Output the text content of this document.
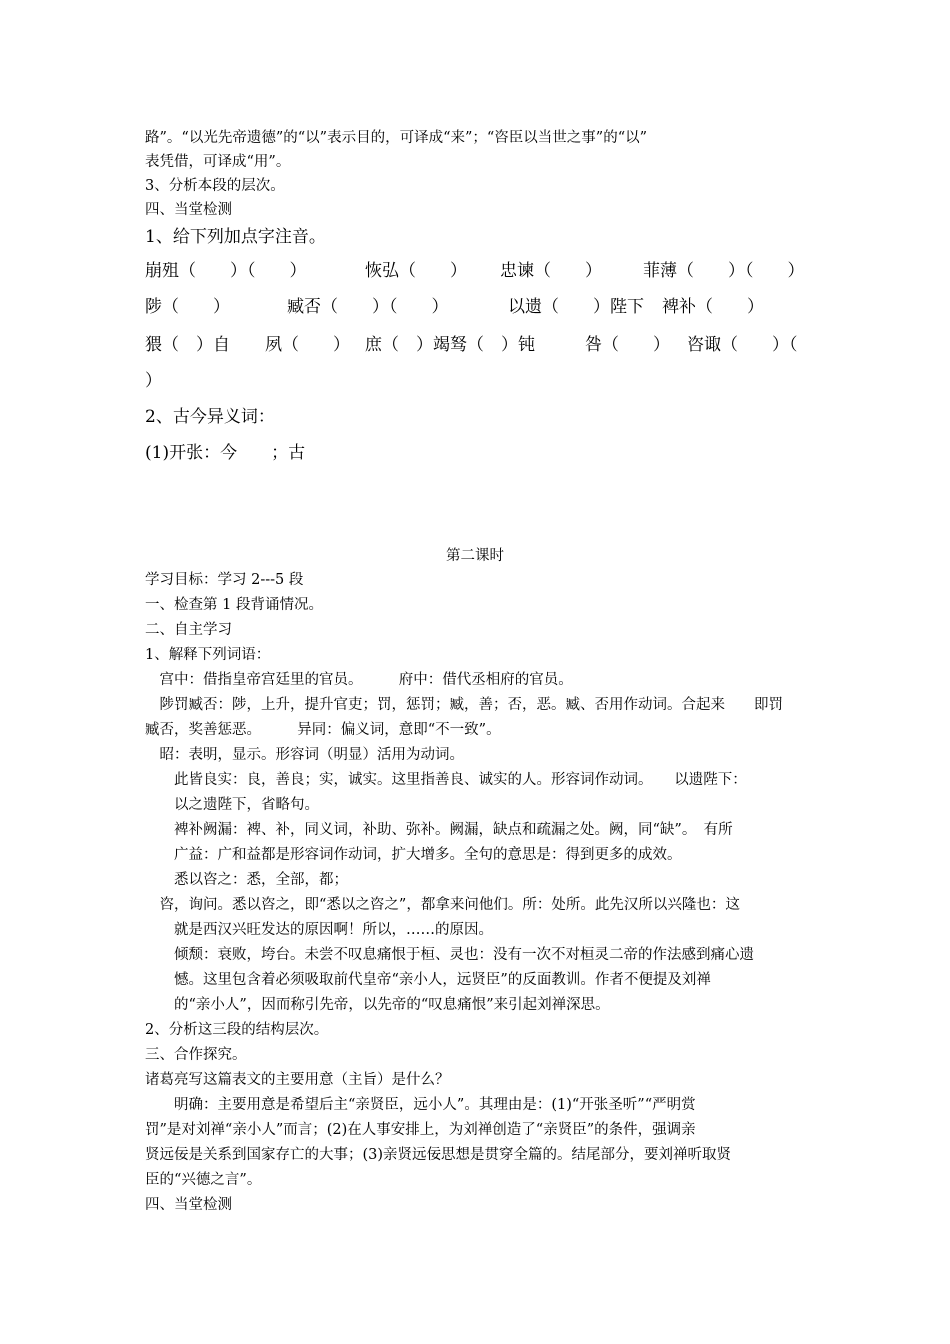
路”。“以光先帝遗德”的“以”表示目的，可译成“来”；“咨臣以当世之事”的“以”
表凭借，可译成“用”。
3、分析本段的层次。
四、当堂检测
1、给下列加点字注音。
崩殂（　　）（　　）	恢弘（　　） 忠谏（　　） 菲薄（　　）（　　）
陟（　　）	臧否（　　）（　　）	以遗（　　）陛下 裨补（　　）
猥（　）自 夙（　　） 庶（　）竭驽（　）钝	咎（　　） 咨诹（　　）（
）
2、古今异义词：
(1)开张：今　　；古
第二课时
学习目标：学习 2---5 段
一、检查第 1 段背诵情况。
二、自主学习
1、解释下列词语：
　宫中：借指皇帝宫廷里的官员。　　　府中：借代丞相府的官员。
　陟罚臧否：陟，上升，提升官吏；罚，惩罚；臧，善；否，恶。臧、否用作动词。合起来　　即罚
臧否，奖善惩恶。　　　异同：偏义词，意即“不一致”。
　昭：表明，显示。形容词（明显）活用为动词。
　　此皆良实：良，善良；实，诚实。这里指善良、诚实的人。形容词作动词。　　以遗陛下：
　　以之遗陛下，省略句。
　　裨补阙漏：裨、补，同义词，补助、弥补。阙漏，缺点和疏漏之处。阙，同“缺”。　有所
　　广益：广和益都是形容词作动词，扩大增多。全句的意思是：得到更多的成效。
　　悉以咨之：悉，全部，都；
　咨，询问。悉以咨之，即“悉以之咨之”，都拿来问他们。所：处所。此先汉所以兴隆也：这
　　就是西汉兴旺发达的原因啊！所以，……的原因。
　　倾颓：衰败，垮台。未尝不叹息痛恨于桓、灵也：没有一次不对桓灵二帝的作法感到痛心遗
　　憾。这里包含着必须吸取前代皇帝“亲小人，远贤臣”的反面教训。作者不便提及刘禅
　　的“亲小人”，因而称引先帝，以先帝的“叹息痛恨”来引起刘禅深思。
2、分析这三段的结构层次。
三、合作探究。
诸葛亮写这篇表文的主要用意（主旨）是什么？
　　明确：主要用意是希望后主“亲贤臣，远小人”。其理由是：(1)“开张圣听”“严明赏
罚”是对刘禅“亲小人”而言；(2)在人事安排上，为刘禅创造了“亲贤臣”的条件，强调亲
贤远佞是关系到国家存亡的大事；(3)亲贤远佞思想是贯穿全篇的。结尾部分，要刘禅听取贤
臣的“兴德之言”。
四、当堂检测
